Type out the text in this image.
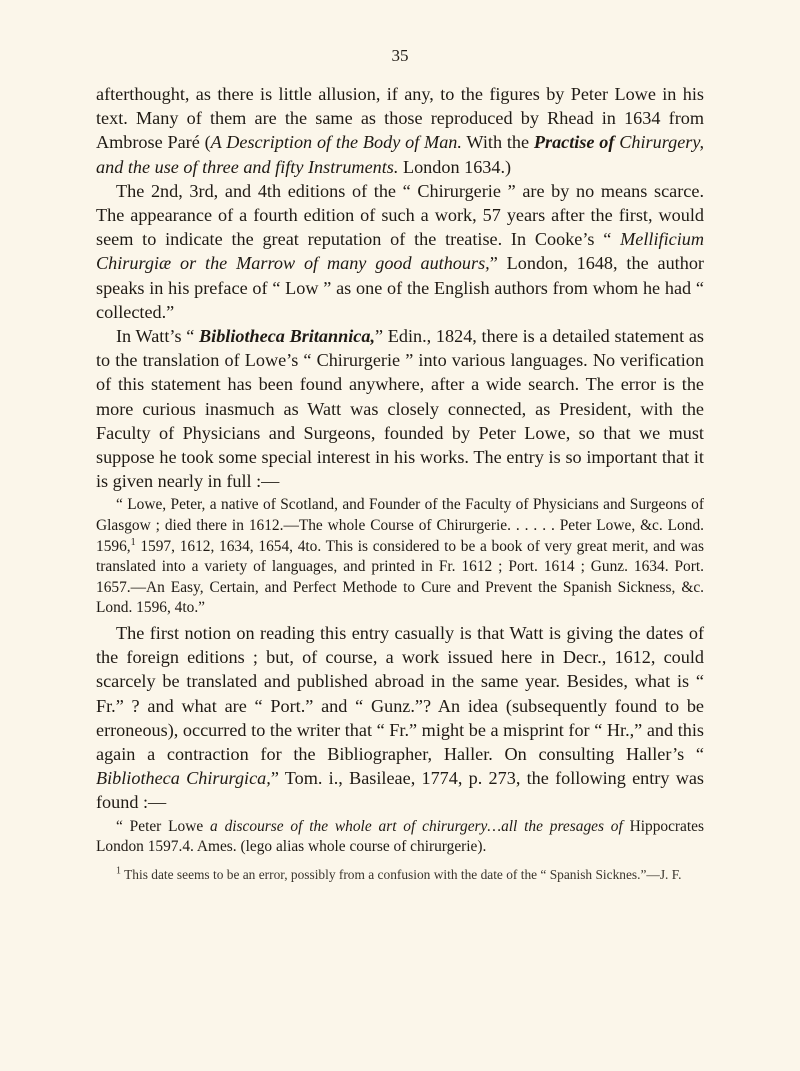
35

afterthought, as there is little allusion, if any, to the figures by Peter Lowe in his text. Many of them are the same as those reproduced by Rhead in 1634 from Ambrose Paré (A Description of the Body of Man. With the Practise of Chirurgery, and the use of three and fifty Instruments. London 1634.)

The 2nd, 3rd, and 4th editions of the “ Chirurgerie ” are by no means scarce. The appearance of a fourth edition of such a work, 57 years after the first, would seem to indicate the great reputation of the treatise. In Cooke’s “ Mellificium Chirurgiæ or the Marrow of many good authours,” London, 1648, the author speaks in his preface of “ Low ” as one of the English authors from whom he had “ collected.”

In Watt’s “ Bibliotheca Britannica,” Edin., 1824, there is a detailed statement as to the translation of Lowe’s “ Chirurgerie ” into various languages. No verification of this statement has been found anywhere, after a wide search. The error is the more curious inasmuch as Watt was closely connected, as President, with the Faculty of Physicians and Surgeons, founded by Peter Lowe, so that we must suppose he took some special interest in his works. The entry is so important that it is given nearly in full :—

“ Lowe, Peter, a native of Scotland, and Founder of the Faculty of Physicians and Surgeons of Glasgow ; died there in 1612.—The whole Course of Chirurgerie. . . . . . Peter Lowe, &c. Lond. 1596,$^1$ 1597, 1612, 1634, 1654, 4to. This is considered to be a book of very great merit, and was translated into a variety of languages, and printed in Fr. 1612 ; Port. 1614 ; Gunz. 1634. Port. 1657.—An Easy, Certain, and Perfect Methode to Cure and Prevent the Spanish Sickness, &c. Lond. 1596, 4to.”

The first notion on reading this entry casually is that Watt is giving the dates of the foreign editions ; but, of course, a work issued here in Decr., 1612, could scarcely be translated and published abroad in the same year. Besides, what is “ Fr.” ? and what are “ Port.” and “ Gunz.”? An idea (subsequently found to be erroneous), occurred to the writer that “ Fr.” might be a misprint for “ Hr.,” and this again a contraction for the Bibliographer, Haller. On consulting Haller’s “ Bibliotheca Chirurgica,” Tom. i., Basileae, 1774, p. 273, the following entry was found :—

“ Peter Lowe a discourse of the whole art of chirurgery…all the presages of Hippocrates London 1597.4. Ames. (lego alias whole course of chirurgerie).

$^1$ This date seems to be an error, possibly from a confusion with the date of the “ Spanish Sicknes.”—J. F.
